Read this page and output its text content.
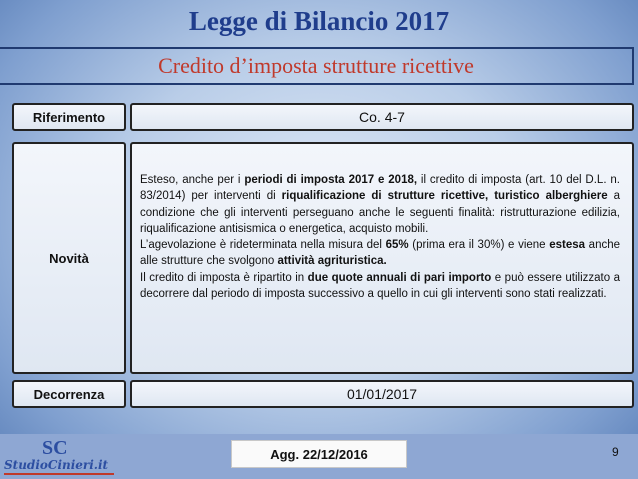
Legge di Bilancio 2017
Credito d’imposta strutture ricettive
Riferimento	Co. 4-7
Novità

Esteso, anche per i periodi di imposta 2017 e 2018, il credito di imposta (art. 10 del D.L. n. 83/2014) per interventi di riqualificazione di strutture ricettive, turistico alberghiere a condizione che gli interventi perseguano anche le seguenti finalità: ristrutturazione edilizia, riqualificazione antisismica o energetica, acquisto mobili.

L’agevolazione è rideterminata nella misura del 65% (prima era il 30%) e viene estesa anche alle strutture che svolgono attività agrituristica.

Il credito di imposta è ripartito in due quote annuali di pari importo e può essere utilizzato a decorrere dal periodo di imposta successivo a quello in cui gli interventi sono stati realizzati.

Decorrenza	01/01/2017
SC
StudioCinieri.it
Agg. 22/12/2016	9
